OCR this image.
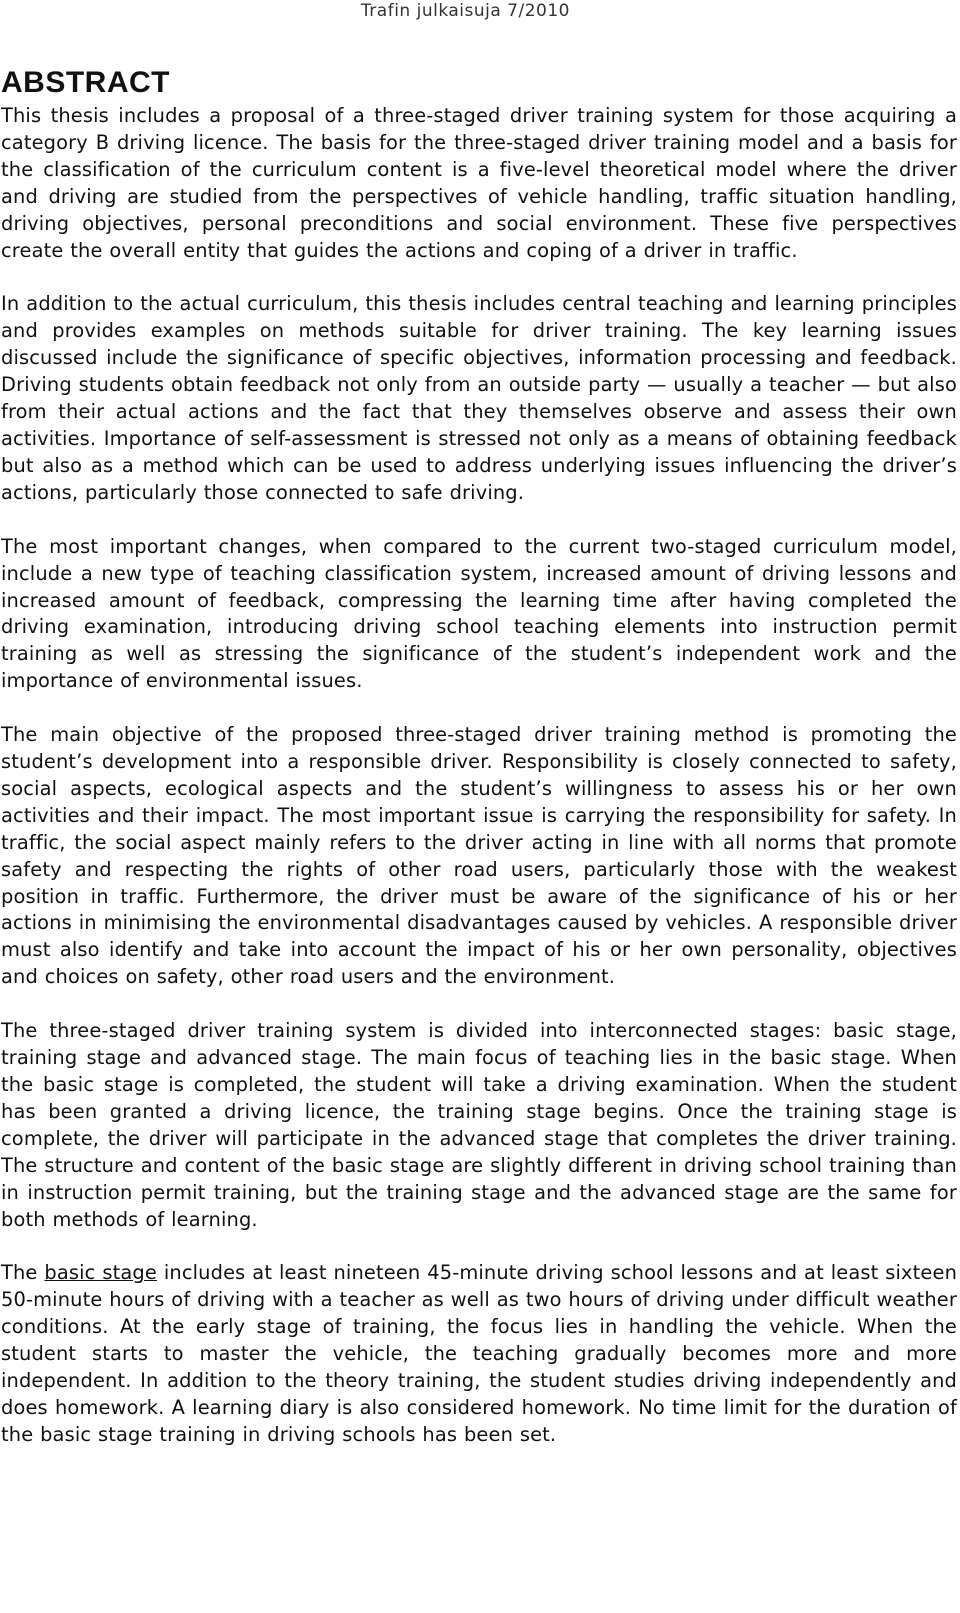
Trafin julkaisuja 7/2010
ABSTRACT

This thesis includes a proposal of a three-staged driver training system for those acquiring a category B driving licence. The basis for the three-staged driver training model and a basis for the classification of the curriculum content is a five-level theoretical model where the driver and driving are studied from the perspectives of vehicle handling, traffic situation handling, driving objectives, personal preconditions and social environment. These five perspectives create the overall entity that guides the actions and coping of a driver in traffic.

In addition to the actual curriculum, this thesis includes central teaching and learning principles and provides examples on methods suitable for driver training. The key learning issues discussed include the significance of specific objectives, information processing and feedback. Driving students obtain feedback not only from an outside party — usually a teacher — but also from their actual actions and the fact that they themselves observe and assess their own activities. Importance of self-assessment is stressed not only as a means of obtaining feedback but also as a method which can be used to address underlying issues influencing the driver’s actions, particularly those connected to safe driving.

The most important changes, when compared to the current two-staged curriculum model, include a new type of teaching classification system, increased amount of driving lessons and increased amount of feedback, compressing the learning time after having completed the driving examination, introducing driving school teaching elements into instruction permit training as well as stressing the significance of the student’s independent work and the importance of environmental issues.

The main objective of the proposed three-staged driver training method is promoting the student’s development into a responsible driver. Responsibility is closely connected to safety, social aspects, ecological aspects and the student’s willingness to assess his or her own activities and their impact. The most important issue is carrying the responsibility for safety. In traffic, the social aspect mainly refers to the driver acting in line with all norms that promote safety and respecting the rights of other road users, particularly those with the weakest position in traffic. Furthermore, the driver must be aware of the significance of his or her actions in minimising the environmental disadvantages caused by vehicles. A responsible driver must also identify and take into account the impact of his or her own personality, objectives and choices on safety, other road users and the environment.

The three-staged driver training system is divided into interconnected stages: basic stage, training stage and advanced stage. The main focus of teaching lies in the basic stage. When the basic stage is completed, the student will take a driving examination. When the student has been granted a driving licence, the training stage begins. Once the training stage is complete, the driver will participate in the advanced stage that completes the driver training. The structure and content of the basic stage are slightly different in driving school training than in instruction permit training, but the training stage and the advanced stage are the same for both methods of learning.

The basic stage includes at least nineteen 45-minute driving school lessons and at least sixteen 50-minute hours of driving with a teacher as well as two hours of driving under difficult weather conditions. At the early stage of training, the focus lies in handling the vehicle. When the student starts to master the vehicle, the teaching gradually becomes more and more independent. In addition to the theory training, the student studies driving independently and does homework. A learning diary is also considered homework. No time limit for the duration of the basic stage training in driving schools has been set.
